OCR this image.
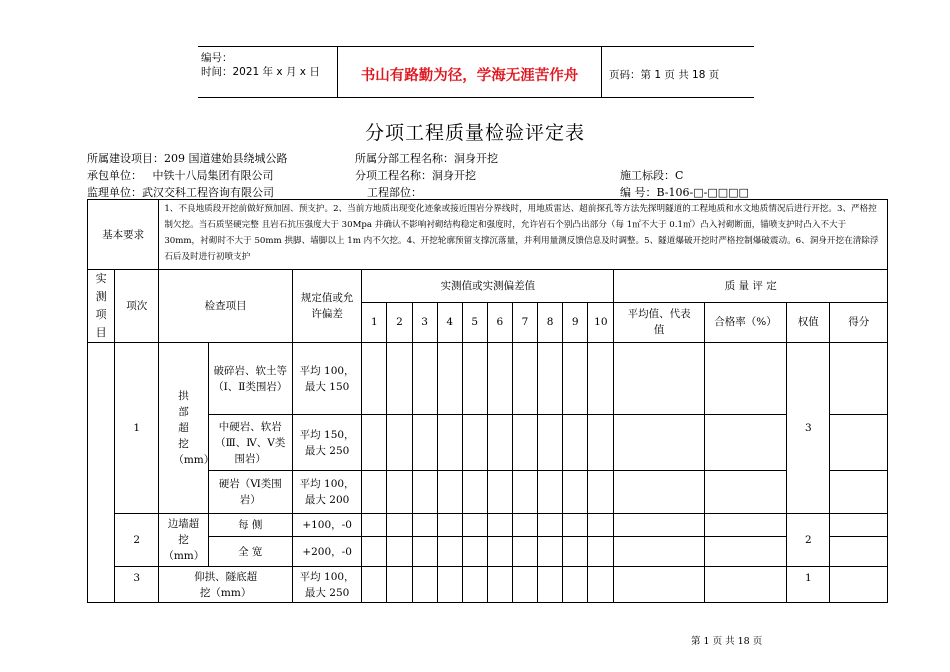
编号：
时间：2021 年 x 月 x 日	书山有路勤为径，学海无涯苦作舟	页码：第 1 页 共 18 页
分项工程质量检验评定表
所属建设项目：209 国道建始县绕城公路	所属分部工程名称：洞身开挖
承包单位： 中铁十八局集团有限公司	分项工程名称：洞身开挖	施工标段：C
监理单位：武汉交科工程咨询有限公司	工程部位：	编 号：B-106-□-□□□□
基本要求		1、不良地质段开挖前做好预加固、预支护。2、当前方地质出现变化迹象或接近围岩分界线时，用地质雷达、超前探孔等方法先探明隧道的工程地质和水文地质情况后进行开挖。3、严格控制欠挖。当石质坚硬完整 且岩石抗压强度大于 30Mpa 并确认不影响衬砌结构稳定和强度时，允许岩石个别凸出部分（每 1㎡不大于 0.1㎡）凸入衬砌断面，锚喷支护时凸入不大于 30mm，衬砌时不大于 50mm 拱脚、墙脚以上 1m 内不欠挖。4、开挖轮廓预留支撑沉落量，并利用量测反馈信息及时调整。5、隧道爆破开挖时严格控制爆破震动。6、洞身开挖在清除浮石后及时进行初喷支护																
实测项目	项次	检查项目		规定值或允许偏差	实测值或实测偏差值										质 量 评 定			
					1	2	3	4	5	6	7	8	9	10	平均值、代表值	合格率（%）	权值	得分
	1	拱部超挖（mm）	破碎岩、软土等（Ⅰ、Ⅱ类围岩）	平均 100，最大 150													3	
			中硬岩、软岩（Ⅲ、Ⅳ、Ⅴ类围岩）	平均 150，最大 250														
			硬岩（Ⅵ类围岩）	平均 100，最大 200														
	2	边墙超挖（mm）	每 侧	+100，-0													2	
			全 宽	+200，-0														
	3	仰拱、隧底超挖（mm）		平均 100，最大 250													1	
第 1 页 共 18 页
